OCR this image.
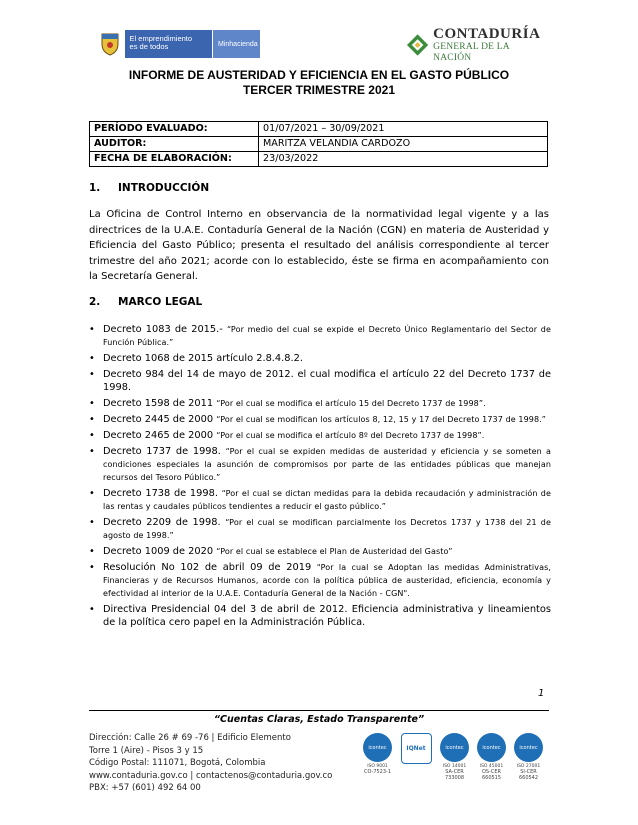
El emprendimiento
es de todos	Minhacienda
CONTADURÍA
GENERAL DE LA NACIÓN
INFORME DE AUSTERIDAD Y EFICIENCIA EN EL GASTO PÚBLICO
TERCER TRIMESTRE 2021
PERÍODO EVALUADO:	01/07/2021 – 30/09/2021
AUDITOR:	MARITZA VELANDIA CARDOZO
FECHA DE ELABORACIÓN:	23/03/2022
1. INTRODUCCIÓN
La Oficina de Control Interno en observancia de la normatividad legal vigente y a las directrices de la U.A.E. Contaduría General de la Nación (CGN) en materia de Austeridad y Eficiencia del Gasto Público; presenta el resultado del análisis correspondiente al tercer trimestre del año 2021; acorde con lo establecido, éste se firma en acompañamiento con la Secretaría General.
2. MARCO LEGAL
• Decreto 1083 de 2015.- “Por medio del cual se expide el Decreto Único Reglamentario del Sector de Función Pública.”
• Decreto 1068 de 2015 artículo 2.8.4.8.2.
• Decreto 984 del 14 de mayo de 2012. el cual modifica el artículo 22 del Decreto 1737 de 1998.
• Decreto 1598 de 2011 “Por el cual se modifica el artículo 15 del Decreto 1737 de 1998”.
• Decreto 2445 de 2000 “Por el cual se modifican los artículos 8, 12, 15 y 17 del Decreto 1737 de 1998.”
• Decreto 2465 de 2000 “Por el cual se modifica el artículo 8º del Decreto 1737 de 1998”.
• Decreto 1737 de 1998. “Por el cual se expiden medidas de austeridad y eficiencia y se someten a condiciones especiales la asunción de compromisos por parte de las entidades públicas que manejan recursos del Tesoro Público.”
• Decreto 1738 de 1998. “Por el cual se dictan medidas para la debida recaudación y administración de las rentas y caudales públicos tendientes a reducir el gasto público.”
• Decreto 2209 de 1998. “Por el cual se modifican parcialmente los Decretos 1737 y 1738 del 21 de agosto de 1998.”
• Decreto 1009 de 2020 “Por el cual se establece el Plan de Austeridad del Gasto”
• Resolución No 102 de abril 09 de 2019 "Por la cual se Adoptan las medidas Administrativas, Financieras y de Recursos Humanos, acorde con la política pública de austeridad, eficiencia, economía y efectividad al interior de la U.A.E. Contaduría General de la Nación - CGN".
• Directiva Presidencial 04 del 3 de abril de 2012. Eficiencia administrativa y lineamientos de la política cero papel en la Administración Pública.
1
“Cuentas Claras, Estado Transparente”
Dirección: Calle 26 # 69 -76 | Edificio Elemento
Torre 1 (Aire) - Pisos 3 y 15
Código Postal: 111071, Bogotá, Colombia
www.contaduria.gov.co | contactenos@contaduria.gov.co
PBX: +57 (601) 492 64 00
icontec
ISO 9001
CO-7523-1
IQNet	icontec
ISO 14001
SA-CER 733008
icontec
ISO 45001
OS-CER 660515
icontec
ISO 27001
SI-CER 660542
